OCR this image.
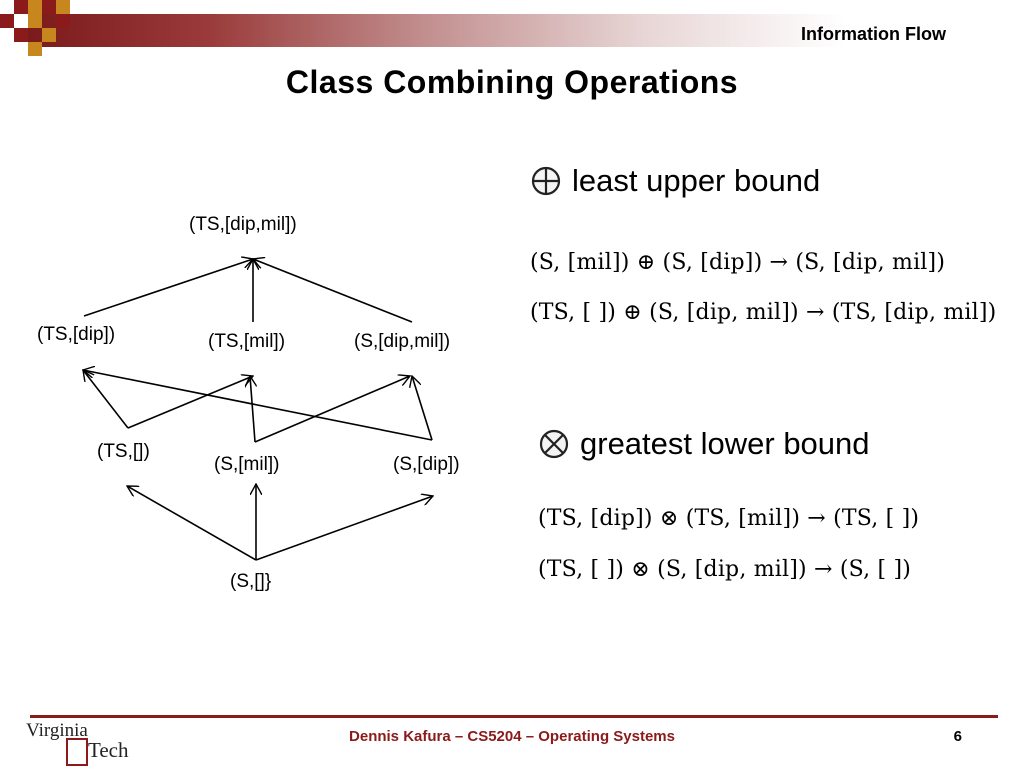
Information Flow
Class Combining Operations
(TS,[dip,mil])
(TS,[dip])	(TS,[mil])	(S,[dip,mil])
(TS,[])
(S,[mil])	(S,[dip])
(S,[]}
least upper bound
(S, [mil]) ⊕ (S, [dip]) → (S, [dip, mil])
(TS, [ ]) ⊕ (S, [dip, mil]) → (TS, [dip, mil])
greatest lower bound
(TS, [dip]) ⊗ (TS, [mil]) → (TS, [ ])
(TS, [ ]) ⊗ (S, [dip, mil]) → (S, [ ])
Virginia
Tech
Dennis Kafura – CS5204 – Operating Systems	6
